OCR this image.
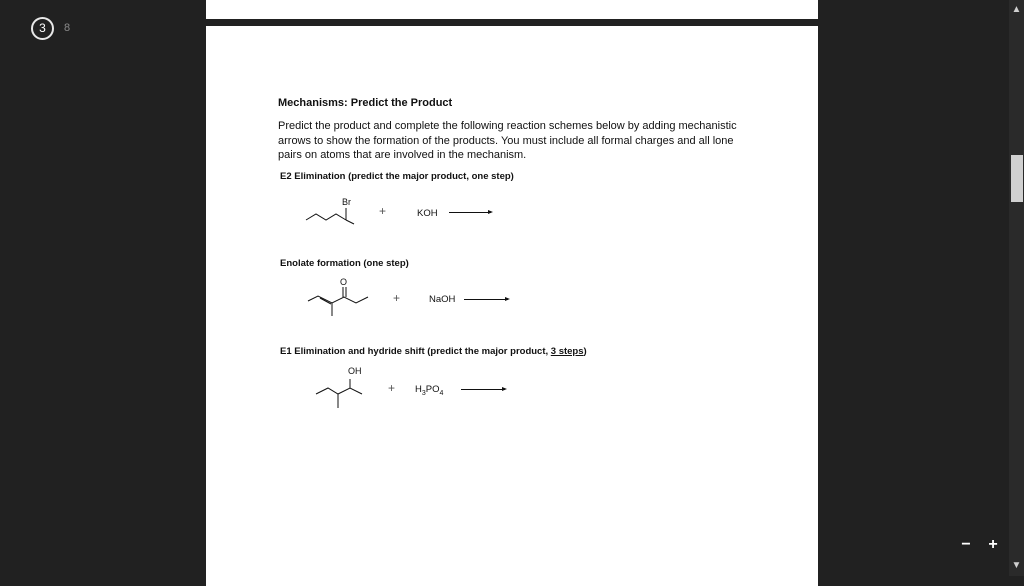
3	8
Mechanisms: Predict the Product
Predict the product and complete the following reaction schemes below by adding mechanistic arrows to show the formation of the products. You must include all formal charges and all lone pairs on atoms that are involved in the mechanism.
E2 Elimination (predict the major product, one step)
Br
+	KOH →
Enolate formation (one step)
O
+	NaOH →
E1 Elimination and hydride shift (predict the major product, 3 steps)
OH
+ $H_3PO_4$
▲
▼
− +
